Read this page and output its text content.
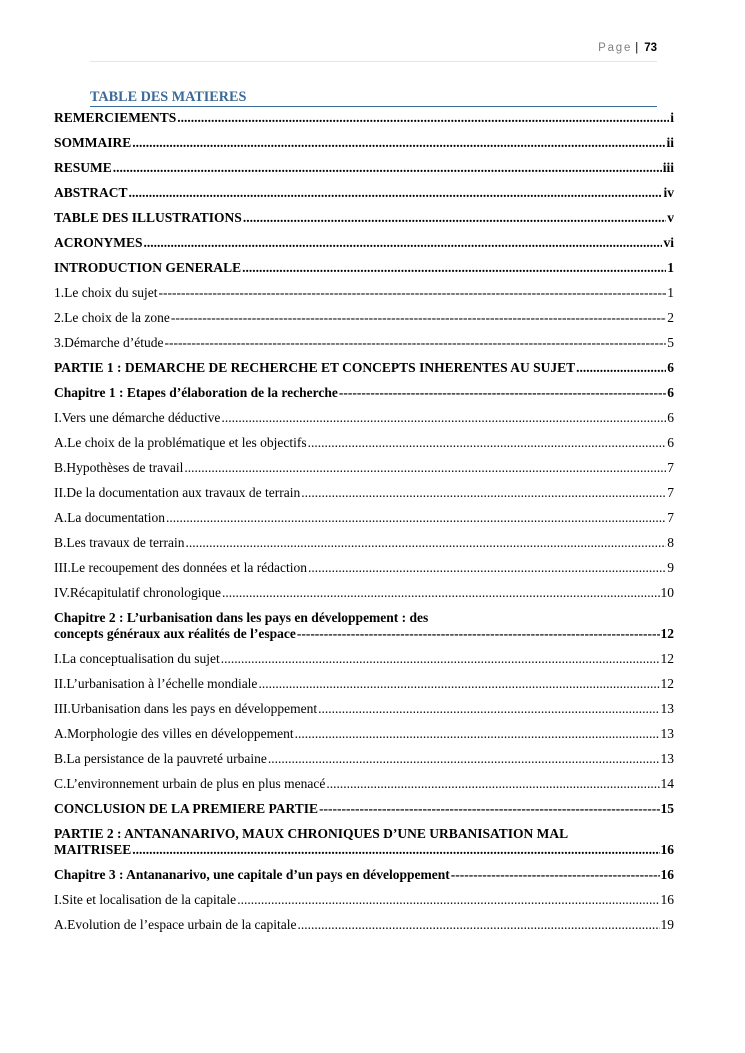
Page | 73
TABLE DES MATIERES
REMERCIEMENTS .....	i
SOMMAIRE .....	ii
RESUME .....	iii
ABSTRACT .....	iv
TABLE DES ILLUSTRATIONS .....	v
ACRONYMES .....	vi
INTRODUCTION GENERALE .....	1
1.Le choix du sujet -----	1
2.Le choix de la zone -----	2
3.Démarche d’étude -----	5
PARTIE 1 : DEMARCHE DE RECHERCHE ET CONCEPTS INHERENTES AU SUJET .....	6
Chapitre 1 : Etapes d’élaboration de la recherche -----	6
I.Vers une démarche déductive .....	6
A.Le choix de la problématique et les objectifs .....	6
B.Hypothèses de travail .....	7
II.De la documentation aux travaux de terrain .....	7
A.La documentation .....	7
B.Les travaux de terrain .....	8
III.Le recoupement des données et la rédaction .....	9
IV.Récapitulatif chronologique .....	10
Chapitre 2 : L’urbanisation dans les pays en développement : des
concepts généraux aux réalités de l’espace -----	12
I.La conceptualisation du sujet .....	12
II.L’urbanisation à l’échelle mondiale .....	12
III.Urbanisation dans les pays en développement .....	13
A.Morphologie des villes en développement .....	13
B.La persistance de la pauvreté urbaine .....	13
C.L’environnement urbain de plus en plus menacé .....	14
CONCLUSION DE LA PREMIERE PARTIE -----	15
PARTIE 2 : ANTANANARIVO, MAUX CHRONIQUES D’UNE URBANISATION MAL
MAITRISEE .....	16
Chapitre 3 : Antananarivo, une capitale d’un pays en développement -----	16
I.Site et localisation de la capitale .....	16
A.Evolution de l’espace urbain de la capitale .....	19
